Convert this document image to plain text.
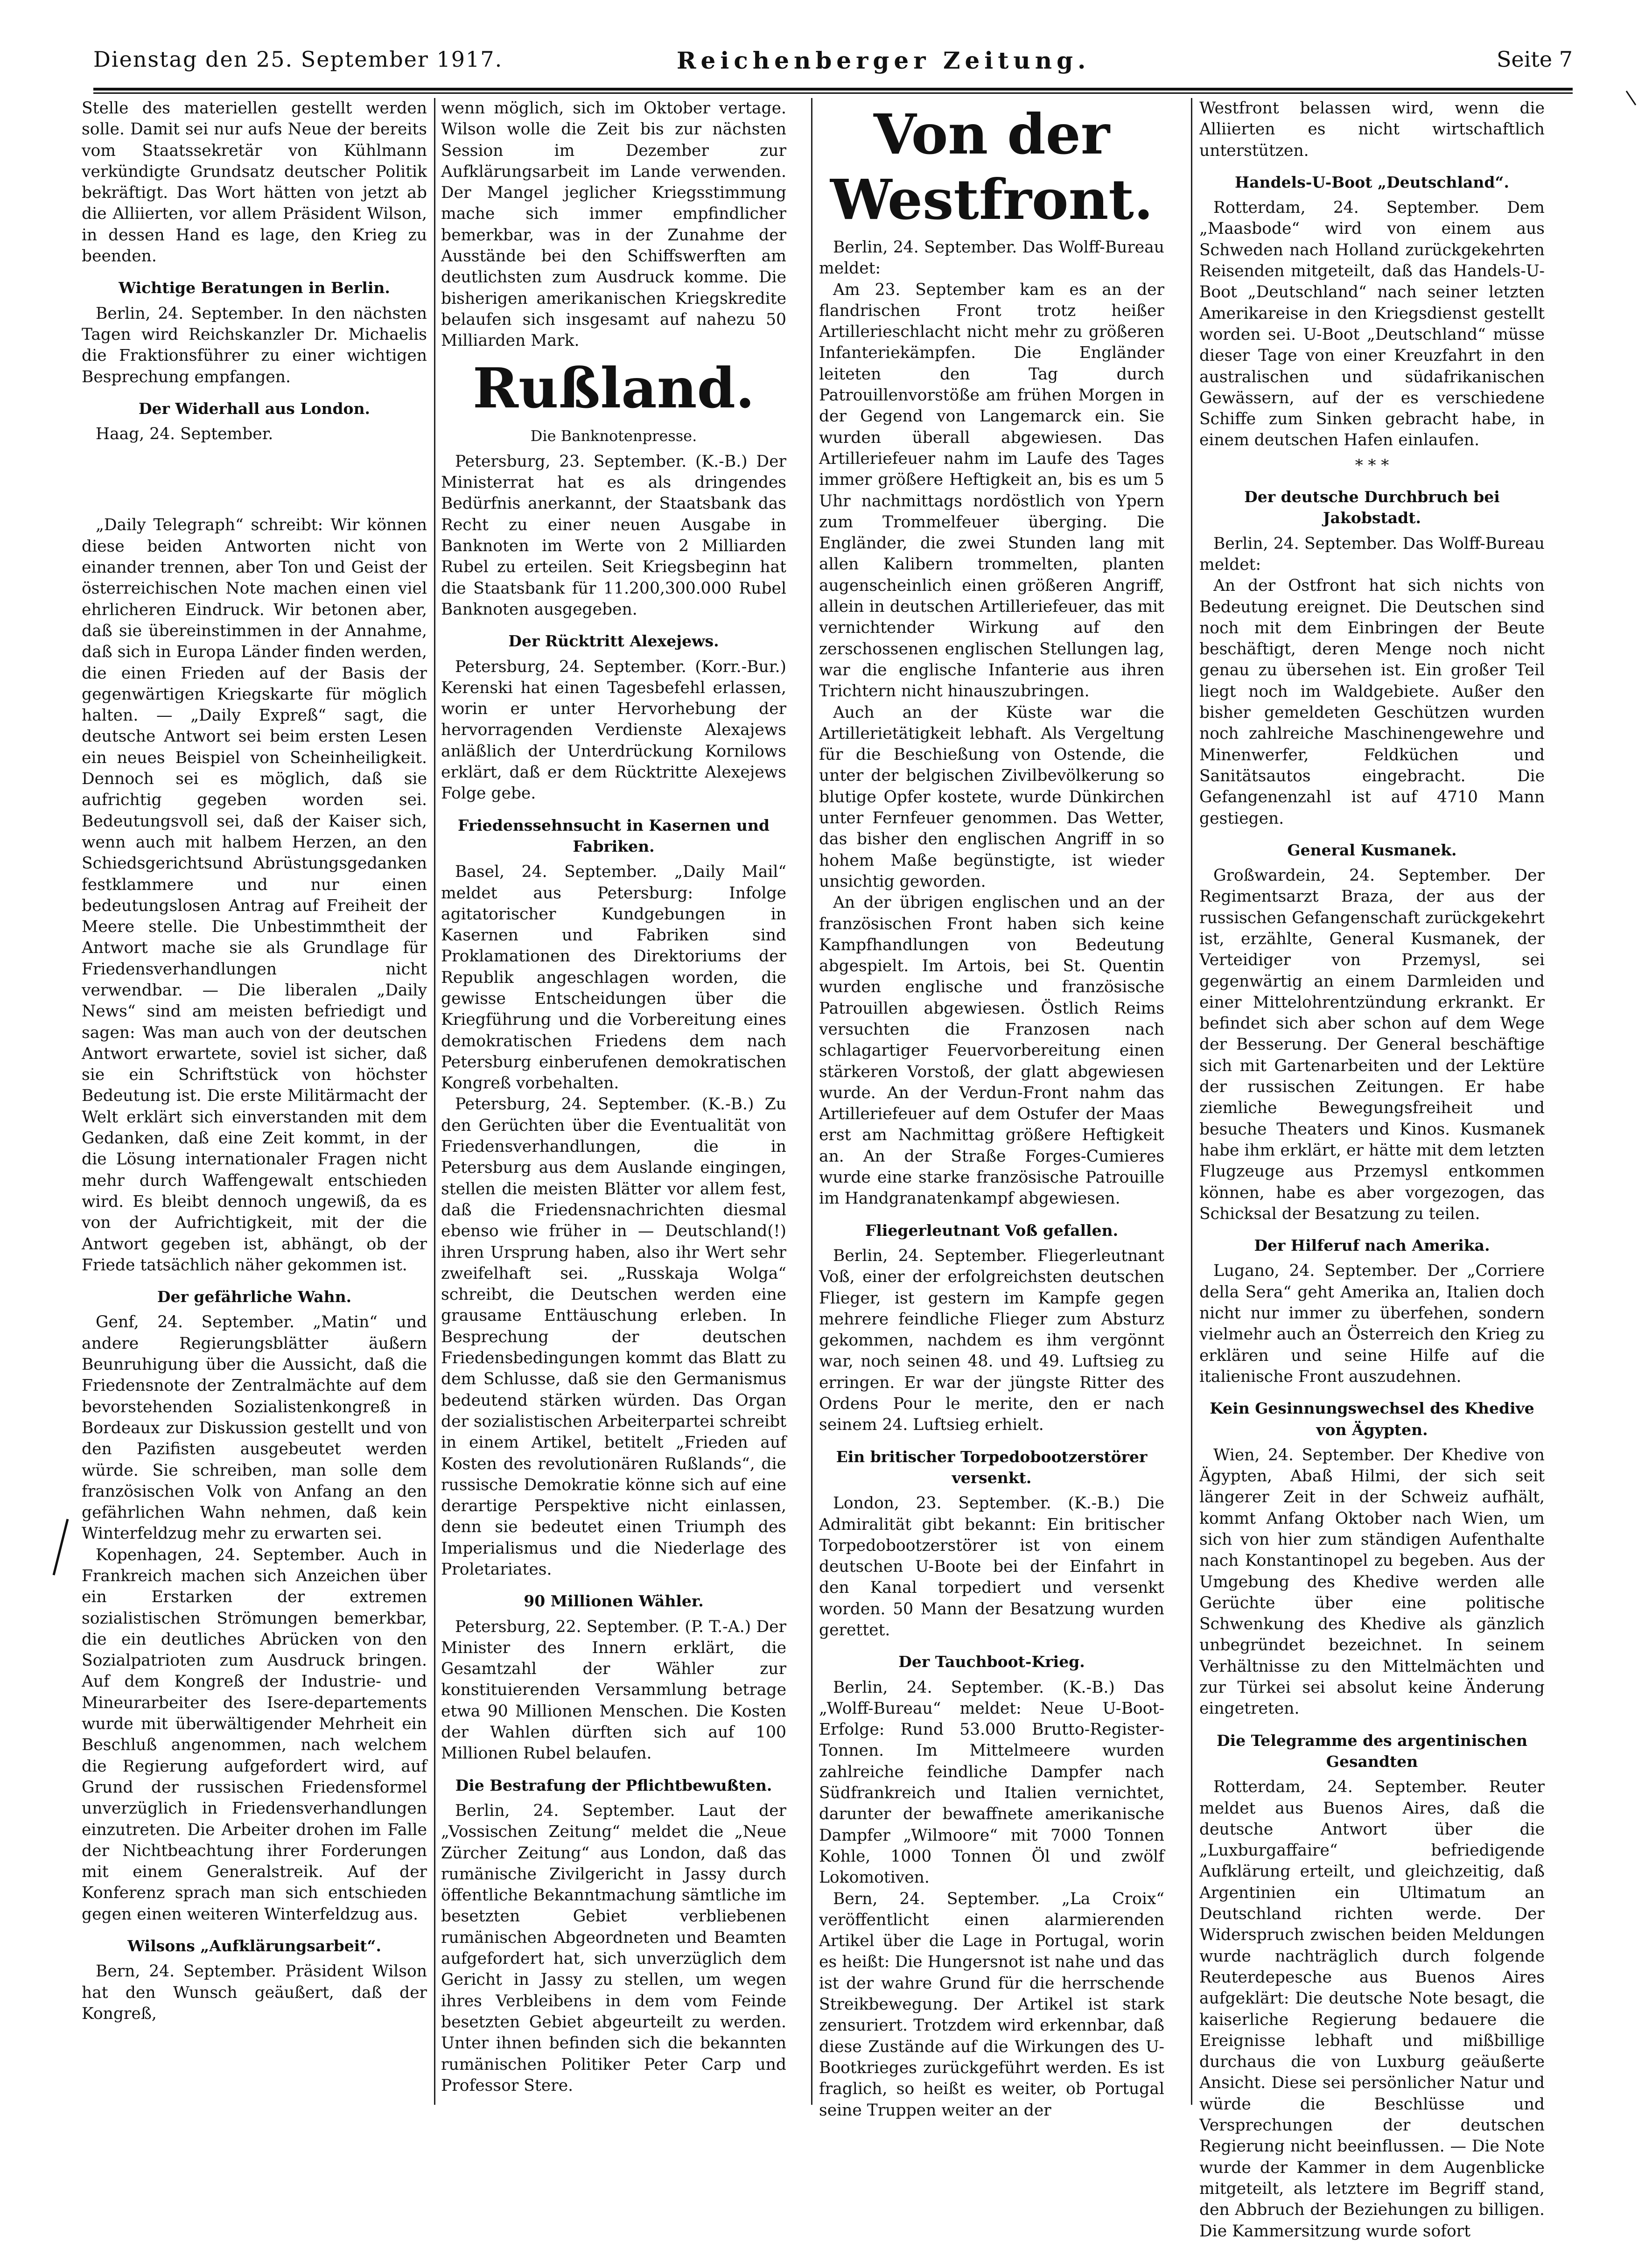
Dienstag den 25. September 1917.	Reichenberger Zeitung.	Seite 7

Stelle des materiellen gestellt werden solle. Damit sei nur aufs Neue der bereits vom Staatssekretär von Kühlmann verkündigte Grundsatz deutscher Politik bekräftigt. Das Wort hätten von jetzt ab die Alliierten, vor allem Präsident Wilson, in dessen Hand es lage, den Krieg zu beenden.

Wichtige Beratungen in Berlin.

Berlin, 24. September. In den nächsten Tagen wird Reichskanzler Dr. Michaelis die Fraktionsführer zu einer wichtigen Besprechung empfangen.

Der Widerhall aus London.

Haag, 24. September.

„Daily Telegraph“ schreibt: Wir können diese beiden Antworten nicht von einander trennen, aber Ton und Geist der österreichischen Note machen einen viel ehrlicheren Eindruck. Wir betonen aber, daß sie übereinstimmen in der Annahme, daß sich in Europa Länder finden werden, die einen Frieden auf der Basis der gegenwärtigen Kriegskarte für möglich halten. — „Daily Expreß“ sagt, die deutsche Antwort sei beim ersten Lesen ein neues Beispiel von Scheinheiligkeit. Dennoch sei es möglich, daß sie aufrichtig gegeben worden sei. Bedeutungsvoll sei, daß der Kaiser sich, wenn auch mit halbem Herzen, an den Schiedsgerichtsund Abrüstungsgedanken festklammere und nur einen bedeutungslosen Antrag auf Freiheit der Meere stelle. Die Unbestimmtheit der Antwort mache sie als Grundlage für Friedensverhandlungen nicht verwendbar. — Die liberalen „Daily News“ sind am meisten befriedigt und sagen: Was man auch von der deutschen Antwort erwartete, soviel ist sicher, daß sie ein Schriftstück von höchster Bedeutung ist. Die erste Militärmacht der Welt erklärt sich einverstanden mit dem Gedanken, daß eine Zeit kommt, in der die Lösung internationaler Fragen nicht mehr durch Waffengewalt entschieden wird. Es bleibt dennoch ungewiß, da es von der Aufrichtigkeit, mit der die Antwort gegeben ist, abhängt, ob der Friede tatsächlich näher gekommen ist.

Der gefährliche Wahn.

Genf, 24. September. „Matin“ und andere Regierungsblätter äußern Beunruhigung über die Aussicht, daß die Friedensnote der Zentralmächte auf dem bevorstehenden Sozialistenkongreß in Bordeaux zur Diskussion gestellt und von den Pazifisten ausgebeutet werden würde. Sie schreiben, man solle dem französischen Volk von Anfang an den gefährlichen Wahn nehmen, daß kein Winterfeldzug mehr zu erwarten sei.

Kopenhagen, 24. September. Auch in Frankreich machen sich Anzeichen über ein Erstarken der extremen sozialistischen Strömungen bemerkbar, die ein deutliches Abrücken von den Sozialpatrioten zum Ausdruck bringen. Auf dem Kongreß der Industrie- und Mineurarbeiter des Isere-departements wurde mit überwältigender Mehrheit ein Beschluß angenommen, nach welchem die Regierung aufgefordert wird, auf Grund der russischen Friedensformel unverzüglich in Friedensverhandlungen einzutreten. Die Arbeiter drohen im Falle der Nichtbeachtung ihrer Forderungen mit einem Generalstreik. Auf der Konferenz sprach man sich entschieden gegen einen weiteren Winterfeldzug aus.

Wilsons „Aufklärungsarbeit“.

Bern, 24. September. Präsident Wilson hat den Wunsch geäußert, daß der Kongreß,

wenn möglich, sich im Oktober vertage. Wilson wolle die Zeit bis zur nächsten Session im Dezember zur Aufklärungsarbeit im Lande verwenden. Der Mangel jeglicher Kriegsstimmung mache sich immer empfindlicher bemerkbar, was in der Zunahme der Ausstände bei den Schiffswerften am deutlichsten zum Ausdruck komme. Die bisherigen amerikanischen Kriegskredite belaufen sich insgesamt auf nahezu 50 Milliarden Mark.

Rußland.

Die Banknotenpresse.

Petersburg, 23. September. (K.-B.) Der Ministerrat hat es als dringendes Bedürfnis anerkannt, der Staatsbank das Recht zu einer neuen Ausgabe in Banknoten im Werte von 2 Milliarden Rubel zu erteilen. Seit Kriegsbeginn hat die Staatsbank für 11.200,300.000 Rubel Banknoten ausgegeben.

Der Rücktritt Alexejews.

Petersburg, 24. September. (Korr.-Bur.) Kerenski hat einen Tagesbefehl erlassen, worin er unter Hervorhebung der hervorragenden Verdienste Alexajews anläßlich der Unterdrückung Kornilows erklärt, daß er dem Rücktritte Alexejews Folge gebe.

Friedenssehnsucht in Kasernen und Fabriken.

Basel, 24. September. „Daily Mail“ meldet aus Petersburg: Infolge agitatorischer Kundgebungen in Kasernen und Fabriken sind Proklamationen des Direktoriums der Republik angeschlagen worden, die gewisse Entscheidungen über die Kriegführung und die Vorbereitung eines demokratischen Friedens dem nach Petersburg einberufenen demokratischen Kongreß vorbehalten.

Petersburg, 24. September. (K.-B.) Zu den Gerüchten über die Eventualität von Friedensverhandlungen, die in Petersburg aus dem Auslande eingingen, stellen die meisten Blätter vor allem fest, daß die Friedensnachrichten diesmal ebenso wie früher in — Deutschland(!) ihren Ursprung haben, also ihr Wert sehr zweifelhaft sei. „Russkaja Wolga“ schreibt, die Deutschen werden eine grausame Enttäuschung erleben. In Besprechung der deutschen Friedensbedingungen kommt das Blatt zu dem Schlusse, daß sie den Germanismus bedeutend stärken würden. Das Organ der sozialistischen Arbeiterpartei schreibt in einem Artikel, betitelt „Frieden auf Kosten des revolutionären Rußlands“, die russische Demokratie könne sich auf eine derartige Perspektive nicht einlassen, denn sie bedeutet einen Triumph des Imperialismus und die Niederlage des Proletariates.

90 Millionen Wähler.

Petersburg, 22. September. (P. T.-A.) Der Minister des Innern erklärt, die Gesamtzahl der Wähler zur konstituierenden Versammlung betrage etwa 90 Millionen Menschen. Die Kosten der Wahlen dürften sich auf 100 Millionen Rubel belaufen.

Die Bestrafung der Pflichtbewußten.

Berlin, 24. September. Laut der „Vossischen Zeitung“ meldet die „Neue Zürcher Zeitung“ aus London, daß das rumänische Zivilgericht in Jassy durch öffentliche Bekanntmachung sämtliche im besetzten Gebiet verbliebenen rumänischen Abgeordneten und Beamten aufgefordert hat, sich unverzüglich dem Gericht in Jassy zu stellen, um wegen ihres Verbleibens in dem vom Feinde besetzten Gebiet abgeurteilt zu werden. Unter ihnen befinden sich die bekannten rumänischen Politiker Peter Carp und Professor Stere.

Von der Westfront.

Berlin, 24. September. Das Wolff-Bureau meldet:

Am 23. September kam es an der flandrischen Front trotz heißer Artillerieschlacht nicht mehr zu größeren Infanteriekämpfen. Die Engländer leiteten den Tag durch Patrouillenvorstöße am frühen Morgen in der Gegend von Langemarck ein. Sie wurden überall abgewiesen. Das Artilleriefeuer nahm im Laufe des Tages immer größere Heftigkeit an, bis es um 5 Uhr nachmittags nordöstlich von Ypern zum Trommelfeuer überging. Die Engländer, die zwei Stunden lang mit allen Kalibern trommelten, planten augenscheinlich einen größeren Angriff, allein in deutschen Artilleriefeuer, das mit vernichtender Wirkung auf den zerschossenen englischen Stellungen lag, war die englische Infanterie aus ihren Trichtern nicht hinauszubringen.

Auch an der Küste war die Artillerietätigkeit lebhaft. Als Vergeltung für die Beschießung von Ostende, die unter der belgischen Zivilbevölkerung so blutige Opfer kostete, wurde Dünkirchen unter Fernfeuer genommen. Das Wetter, das bisher den englischen Angriff in so hohem Maße begünstigte, ist wieder unsichtig geworden.

An der übrigen englischen und an der französischen Front haben sich keine Kampfhandlungen von Bedeutung abgespielt. Im Artois, bei St. Quentin wurden englische und französische Patrouillen abgewiesen. Östlich Reims versuchten die Franzosen nach schlagartiger Feuervorbereitung einen stärkeren Vorstoß, der glatt abgewiesen wurde. An der Verdun-Front nahm das Artilleriefeuer auf dem Ostufer der Maas erst am Nachmittag größere Heftigkeit an. An der Straße Forges-Cumieres wurde eine starke französische Patrouille im Handgranatenkampf abgewiesen.

Fliegerleutnant Voß gefallen.

Berlin, 24. September. Fliegerleutnant Voß, einer der erfolgreichsten deutschen Flieger, ist gestern im Kampfe gegen mehrere feindliche Flieger zum Absturz gekommen, nachdem es ihm vergönnt war, noch seinen 48. und 49. Luftsieg zu erringen. Er war der jüngste Ritter des Ordens Pour le merite, den er nach seinem 24. Luftsieg erhielt.

Ein britischer Torpedobootzerstörer versenkt.

London, 23. September. (K.-B.) Die Admiralität gibt bekannt: Ein britischer Torpedobootzerstörer ist von einem deutschen U-Boote bei der Einfahrt in den Kanal torpediert und versenkt worden. 50 Mann der Besatzung wurden gerettet.

Der Tauchboot-Krieg.

Berlin, 24. September. (K.-B.) Das „Wolff-Bureau“ meldet: Neue U-Boot-Erfolge: Rund 53.000 Brutto-Register-Tonnen. Im Mittelmeere wurden zahlreiche feindliche Dampfer nach Südfrankreich und Italien vernichtet, darunter der bewaffnete amerikanische Dampfer „Wilmoore“ mit 7000 Tonnen Kohle, 1000 Tonnen Öl und zwölf Lokomotiven.

Bern, 24. September. „La Croix“ veröffentlicht einen alarmierenden Artikel über die Lage in Portugal, worin es heißt: Die Hungersnot ist nahe und das ist der wahre Grund für die herrschende Streikbewegung. Der Artikel ist stark zensuriert. Trotzdem wird erkennbar, daß diese Zustände auf die Wirkungen des U-Bootkrieges zurückgeführt werden. Es ist fraglich, so heißt es weiter, ob Portugal seine Truppen weiter an der

Westfront belassen wird, wenn die Alliierten es nicht wirtschaftlich unterstützen.

Handels-U-Boot „Deutschland“.

Rotterdam, 24. September. Dem „Maasbode“ wird von einem aus Schweden nach Holland zurückgekehrten Reisenden mitgeteilt, daß das Handels-U-Boot „Deutschland“ nach seiner letzten Amerikareise in den Kriegsdienst gestellt worden sei. U-Boot „Deutschland“ müsse dieser Tage von einer Kreuzfahrt in den australischen und südafrikanischen Gewässern, auf der es verschiedene Schiffe zum Sinken gebracht habe, in einem deutschen Hafen einlaufen.

* * *

Der deutsche Durchbruch bei Jakobstadt.

Berlin, 24. September. Das Wolff-Bureau meldet:

An der Ostfront hat sich nichts von Bedeutung ereignet. Die Deutschen sind noch mit dem Einbringen der Beute beschäftigt, deren Menge noch nicht genau zu übersehen ist. Ein großer Teil liegt noch im Waldgebiete. Außer den bisher gemeldeten Geschützen wurden noch zahlreiche Maschinengewehre und Minenwerfer, Feldküchen und Sanitätsautos eingebracht. Die Gefangenenzahl ist auf 4710 Mann gestiegen.

General Kusmanek.

Großwardein, 24. September. Der Regimentsarzt Braza, der aus der russischen Gefangenschaft zurückgekehrt ist, erzählte, General Kusmanek, der Verteidiger von Przemysl, sei gegenwärtig an einem Darmleiden und einer Mittelohrentzündung erkrankt. Er befindet sich aber schon auf dem Wege der Besserung. Der General beschäftige sich mit Gartenarbeiten und der Lektüre der russischen Zeitungen. Er habe ziemliche Bewegungsfreiheit und besuche Theaters und Kinos. Kusmanek habe ihm erklärt, er hätte mit dem letzten Flugzeuge aus Przemysl entkommen können, habe es aber vorgezogen, das Schicksal der Besatzung zu teilen.

Der Hilferuf nach Amerika.

Lugano, 24. September. Der „Corriere della Sera“ geht Amerika an, Italien doch nicht nur immer zu überfehen, sondern vielmehr auch an Österreich den Krieg zu erklären und seine Hilfe auf die italienische Front auszudehnen.

Kein Gesinnungswechsel des Khedive von Ägypten.

Wien, 24. September. Der Khedive von Ägypten, Abaß Hilmi, der sich seit längerer Zeit in der Schweiz aufhält, kommt Anfang Oktober nach Wien, um sich von hier zum ständigen Aufenthalte nach Konstantinopel zu begeben. Aus der Umgebung des Khedive werden alle Gerüchte über eine politische Schwenkung des Khedive als gänzlich unbegründet bezeichnet. In seinem Verhältnisse zu den Mittelmächten und zur Türkei sei absolut keine Änderung eingetreten.

Die Telegramme des argentinischen Gesandten

Rotterdam, 24. September. Reuter meldet aus Buenos Aires, daß die deutsche Antwort über die „Luxburgaffaire“ befriedigende Aufklärung erteilt, und gleichzeitig, daß Argentinien ein Ultimatum an Deutschland richten werde. Der Widerspruch zwischen beiden Meldungen wurde nachträglich durch folgende Reuterdepesche aus Buenos Aires aufgeklärt: Die deutsche Note besagt, die kaiserliche Regierung bedauere die Ereignisse lebhaft und mißbillige durchaus die von Luxburg geäußerte Ansicht. Diese sei persönlicher Natur und würde die Beschlüsse und Versprechungen der deutschen Regierung nicht beeinflussen. — Die Note wurde der Kammer in dem Augenblicke mitgeteilt, als letztere im Begriff stand, den Abbruch der Beziehungen zu billigen. Die Kammersitzung wurde sofort
